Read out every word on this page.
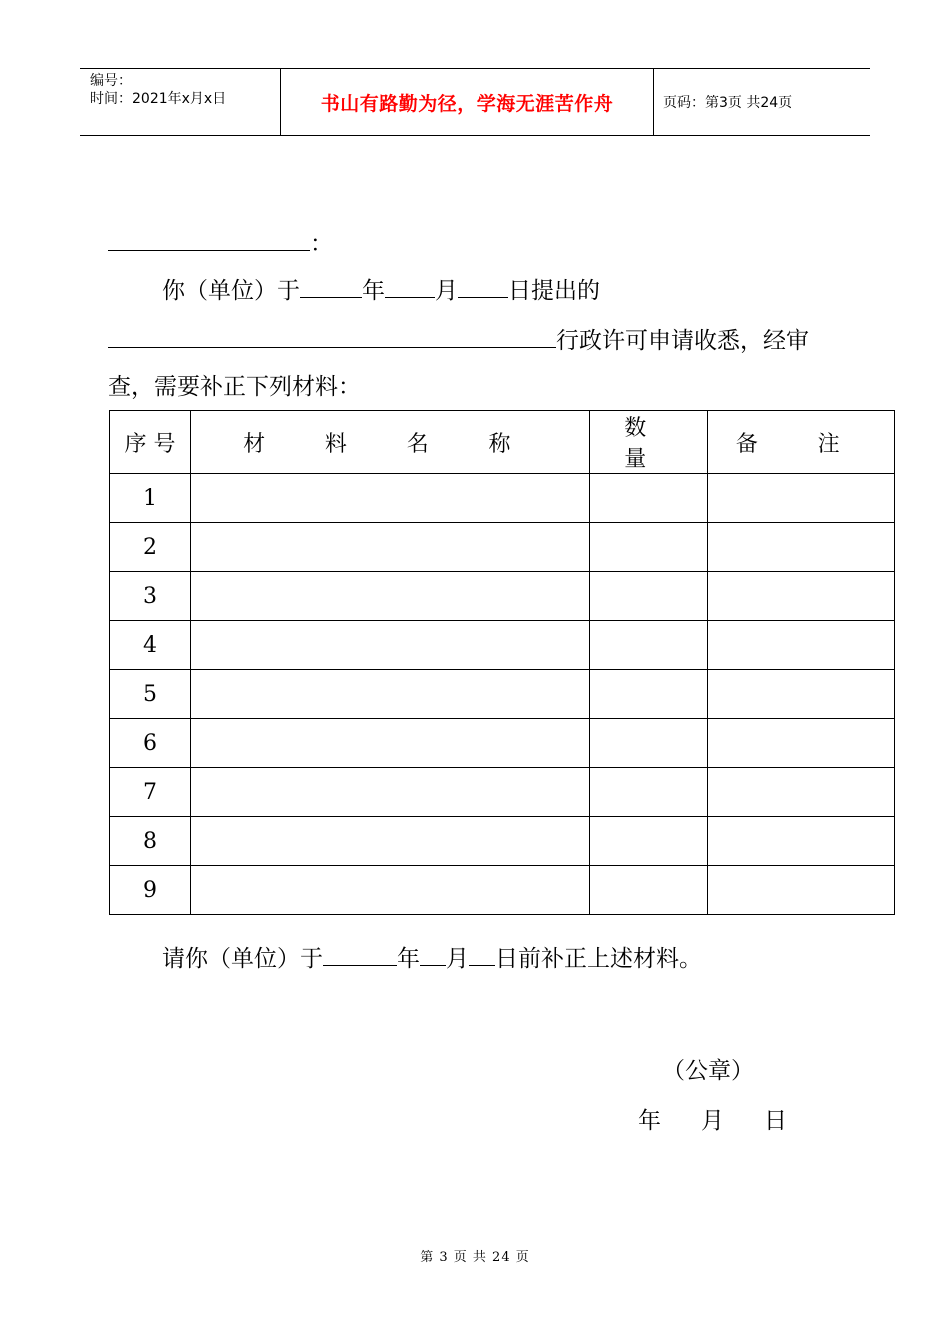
编号：
时间：2021年x月x日	书山有路勤为径，学海无涯苦作舟	页码：第3页 共24页
：
你（单位）于	年 月 日提出的
行政许可申请收悉，经审
查，需要补正下列材料：
序 号	材 料 名 称	数 量	备 注
1			
2			
3			
4			
5			
6			
7			
8			
9			
请你（单位）于	年 月 日前补正上述材料。
（公章）
年 月 日
第 3 页 共 24 页
